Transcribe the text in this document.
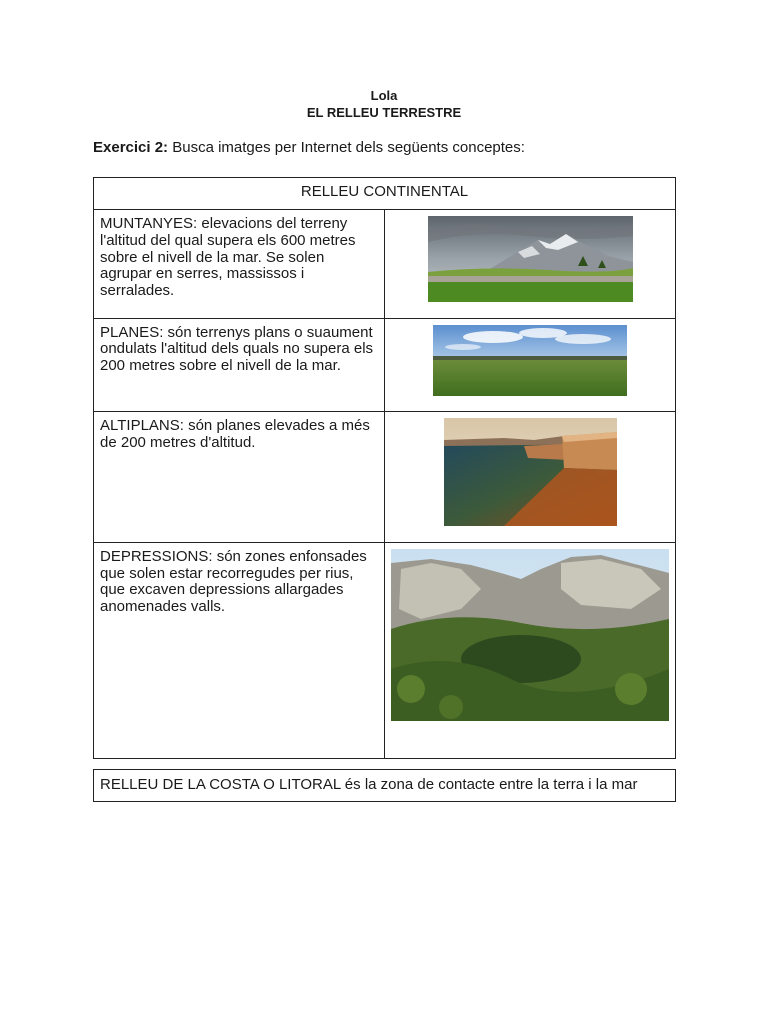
Lola
EL RELLEU TERRESTRE
Exercici 2: Busca imatges per Internet dels següents conceptes:
RELLEU CONTINENTAL	
MUNTANYES: elevacions del terreny l'altitud del qual supera els 600 metres sobre el nivell de la mar. Se solen agrupar en serres, massissos i serralades.	
PLANES: són terrenys plans o suaument ondulats l'altitud dels quals no supera els 200 metres sobre el nivell de la mar.	
ALTIPLANS: són planes elevades a més de 200 metres d'altitud.	
DEPRESSIONS: són zones enfonsades que solen estar recorregudes per rius, que excaven depressions allargades anomenades valls.	
RELLEU DE LA COSTA O LITORAL és la zona de contacte entre la terra i la mar
